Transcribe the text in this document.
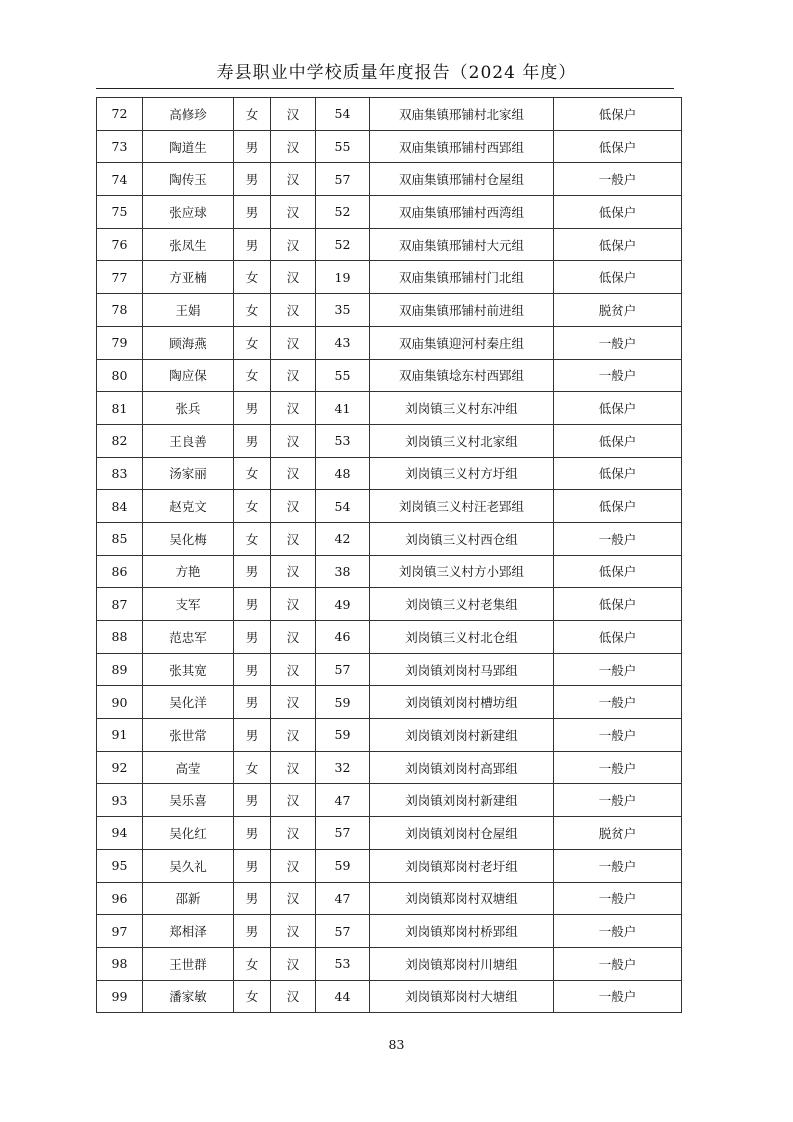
寿县职业中学校质量年度报告（2024 年度）
72	高修珍	女	汉	54	双庙集镇邢铺村北家组	低保户
73	陶道生	男	汉	55	双庙集镇邢铺村西郢组	低保户
74	陶传玉	男	汉	57	双庙集镇邢铺村仓屋组	一般户
75	张应球	男	汉	52	双庙集镇邢铺村西湾组	低保户
76	张凤生	男	汉	52	双庙集镇邢铺村大元组	低保户
77	方亚楠	女	汉	19	双庙集镇邢铺村门北组	低保户
78	王娟	女	汉	35	双庙集镇邢铺村前进组	脱贫户
79	顾海燕	女	汉	43	双庙集镇迎河村秦庄组	一般户
80	陶应保	女	汉	55	双庙集镇埝东村西郢组	一般户
81	张兵	男	汉	41	刘岗镇三义村东冲组	低保户
82	王良善	男	汉	53	刘岗镇三义村北家组	低保户
83	汤家丽	女	汉	48	刘岗镇三义村方圩组	低保户
84	赵克文	女	汉	54	刘岗镇三义村汪老郢组	低保户
85	吴化梅	女	汉	42	刘岗镇三义村西仓组	一般户
86	方艳	男	汉	38	刘岗镇三义村方小郢组	低保户
87	支军	男	汉	49	刘岗镇三义村老集组	低保户
88	范忠军	男	汉	46	刘岗镇三义村北仓组	低保户
89	张其宽	男	汉	57	刘岗镇刘岗村马郢组	一般户
90	吴化洋	男	汉	59	刘岗镇刘岗村槽坊组	一般户
91	张世常	男	汉	59	刘岗镇刘岗村新建组	一般户
92	高莹	女	汉	32	刘岗镇刘岗村高郢组	一般户
93	吴乐喜	男	汉	47	刘岗镇刘岗村新建组	一般户
94	吴化红	男	汉	57	刘岗镇刘岗村仓屋组	脱贫户
95	吴久礼	男	汉	59	刘岗镇郑岗村老圩组	一般户
96	邵新	男	汉	47	刘岗镇郑岗村双塘组	一般户
97	郑相泽	男	汉	57	刘岗镇郑岗村桥郢组	一般户
98	王世群	女	汉	53	刘岗镇郑岗村川塘组	一般户
99	潘家敏	女	汉	44	刘岗镇郑岗村大塘组	一般户
83
